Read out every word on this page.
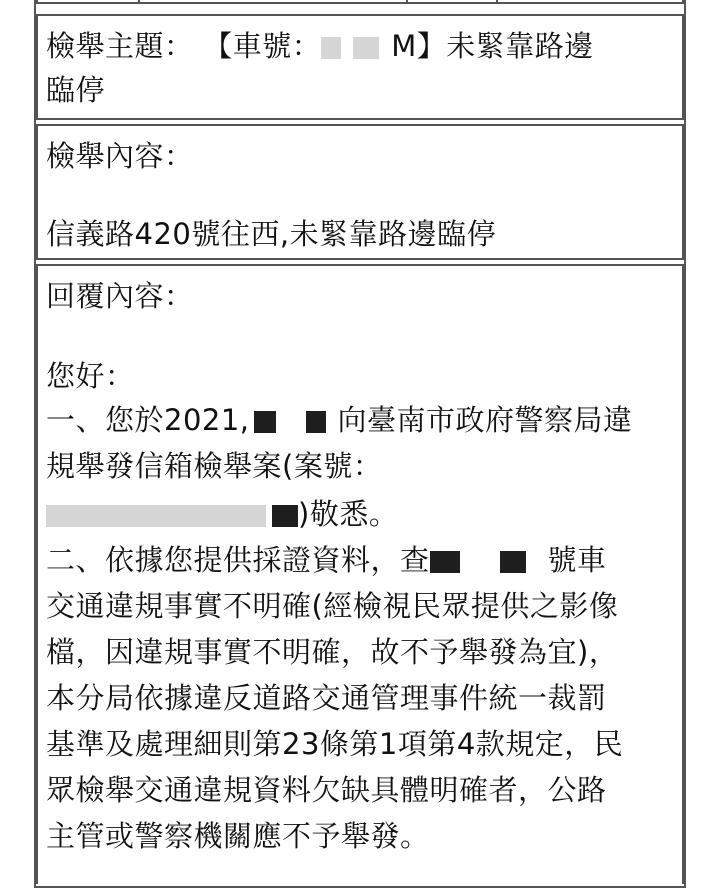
檢舉主題： 【車號： M】未緊靠路邊

臨停

檢舉內容：

信義路420號往西,未緊靠路邊臨停

回覆內容：

您好：

一、您於2021,	向臺南市政府警察局違

規舉發信箱檢舉案(案號：

)敬悉。

二、依據您提供採證資料，查	號車

交通違規事實不明確(經檢視民眾提供之影像

檔，因違規事實不明確，故不予舉發為宜)，

本分局依據違反道路交通管理事件統一裁罰

基準及處理細則第23條第1項第4款規定，民

眾檢舉交通違規資料欠缺具體明確者，公路

主管或警察機關應不予舉發。
